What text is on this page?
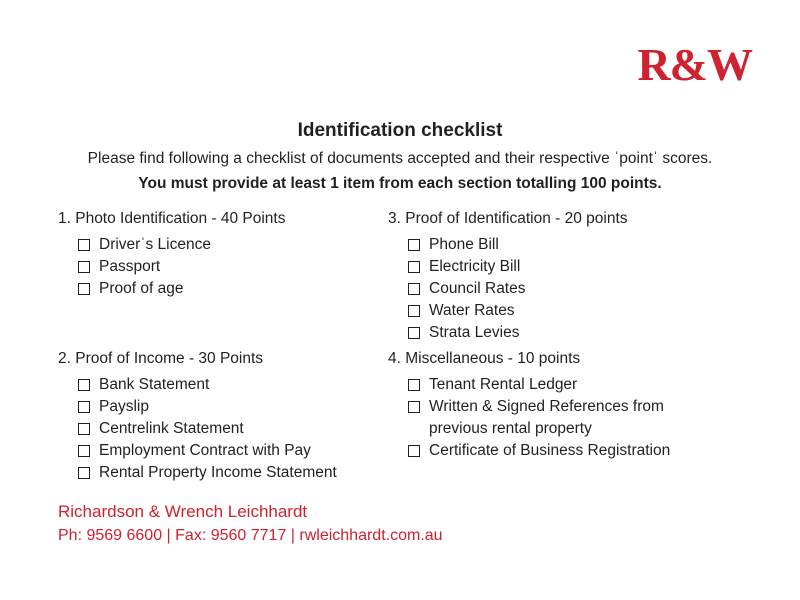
R&W
Identification checklist
Please find following a checklist of documents accepted and their respective ˈpointˈ scores.
You must provide at least 1 item from each section totalling 100 points.
1. Photo Identification - 40 Points
Driverˈs Licence
Passport
Proof of age
3. Proof of Identification - 20 points
Phone Bill
Electricity Bill
Council Rates
Water Rates
Strata Levies
2. Proof of Income - 30 Points
Bank Statement
Payslip
Centrelink Statement
Employment Contract with Pay
Rental Property Income Statement
4. Miscellaneous - 10 points
Tenant Rental Ledger
Written & Signed References from
previous rental property
Certificate of Business Registration
Richardson & Wrench Leichhardt
Ph: 9569 6600 | Fax: 9560 7717 | rwleichhardt.com.au
